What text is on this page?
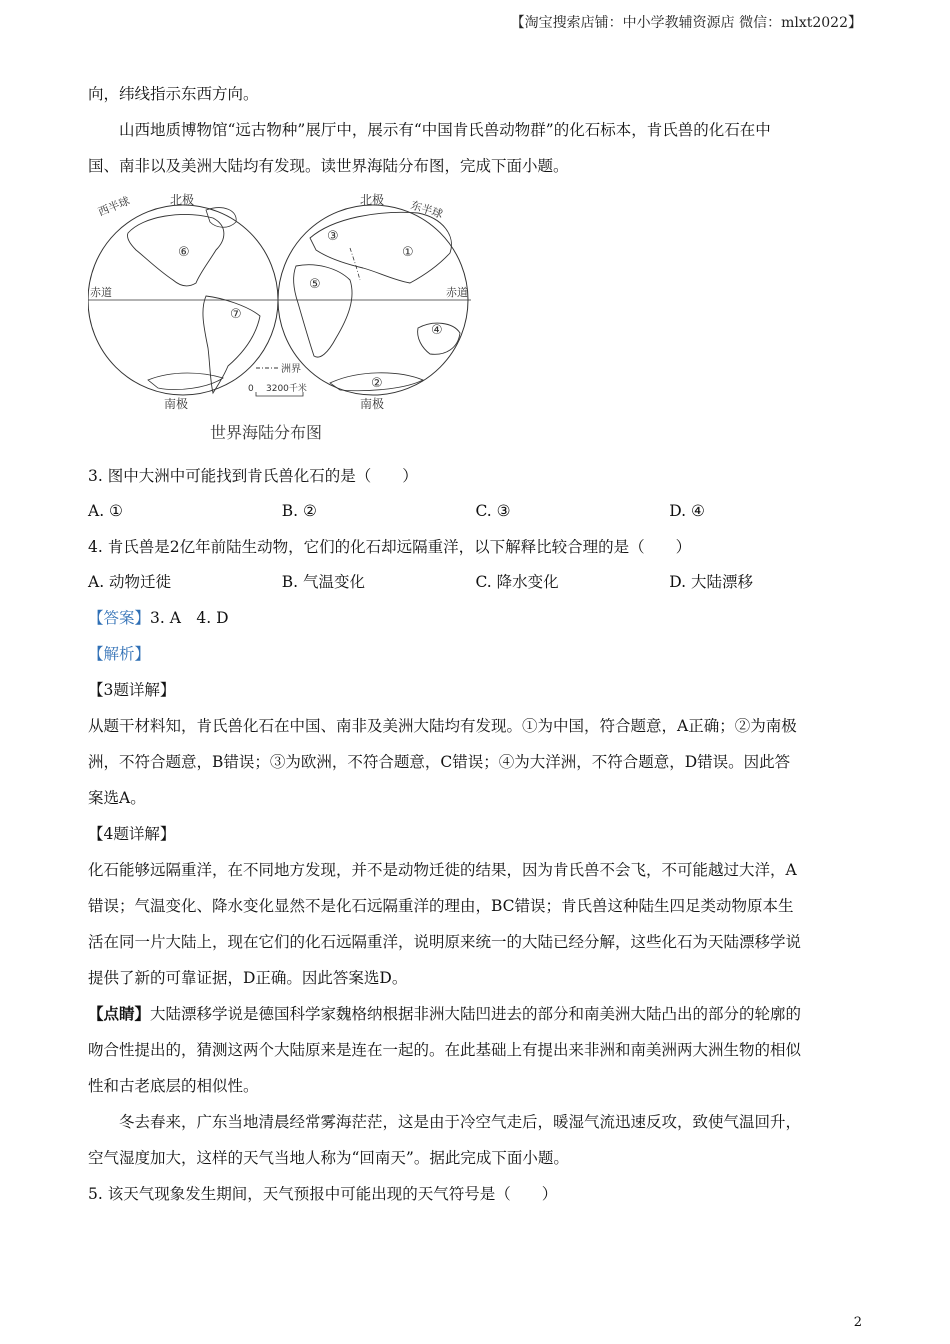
【淘宝搜索店铺：中小学教辅资源店 微信：mlxt2022】
向，纬线指示东西方向。
山西地质博物馆“远古物种”展厅中，展示有“中国肯氏兽动物群”的化石标本，肯氏兽的化石在中
国、南非以及美洲大陆均有发现。读世界海陆分布图，完成下面小题。
西半球	北极	北极 东半球
赤道	赤道
南极	南极
①
②
③
④
⑤
⑥
⑦
洲界
0 3200千米
世界海陆分布图
3. 图中大洲中可能找到肯氏兽化石的是（　　）
A. ①	B. ②	C. ③	D. ④
4. 肯氏兽是2亿年前陆生动物，它们的化石却远隔重洋，以下解释比较合理的是（　　）
A. 动物迁徙	B. 气温变化	C. 降水变化	D. 大陆漂移
【答案】3. A　4. D
【解析】
【3题详解】
从题干材料知，肯氏兽化石在中国、南非及美洲大陆均有发现。①为中国，符合题意，A正确；②为南极
洲，不符合题意，B错误；③为欧洲，不符合题意，C错误；④为大洋洲，不符合题意，D错误。因此答
案选A。
【4题详解】
化石能够远隔重洋，在不同地方发现，并不是动物迁徙的结果，因为肯氏兽不会飞，不可能越过大洋，A
错误；气温变化、降水变化显然不是化石远隔重洋的理由，BC错误；肯氏兽这种陆生四足类动物原本生
活在同一片大陆上，现在它们的化石远隔重洋，说明原来统一的大陆已经分解，这些化石为天陆漂移学说
提供了新的可靠证据，D正确。因此答案选D。
【点睛】大陆漂移学说是德国科学家魏格纳根据非洲大陆凹进去的部分和南美洲大陆凸出的部分的轮廓的
吻合性提出的，猜测这两个大陆原来是连在一起的。在此基础上有提出来非洲和南美洲两大洲生物的相似
性和古老底层的相似性。
冬去春来，广东当地清晨经常雾海茫茫，这是由于冷空气走后，暖湿气流迅速反攻，致使气温回升，
空气湿度加大，这样的天气当地人称为“回南天”。据此完成下面小题。
5. 该天气现象发生期间，天气预报中可能出现的天气符号是（　　）
2
